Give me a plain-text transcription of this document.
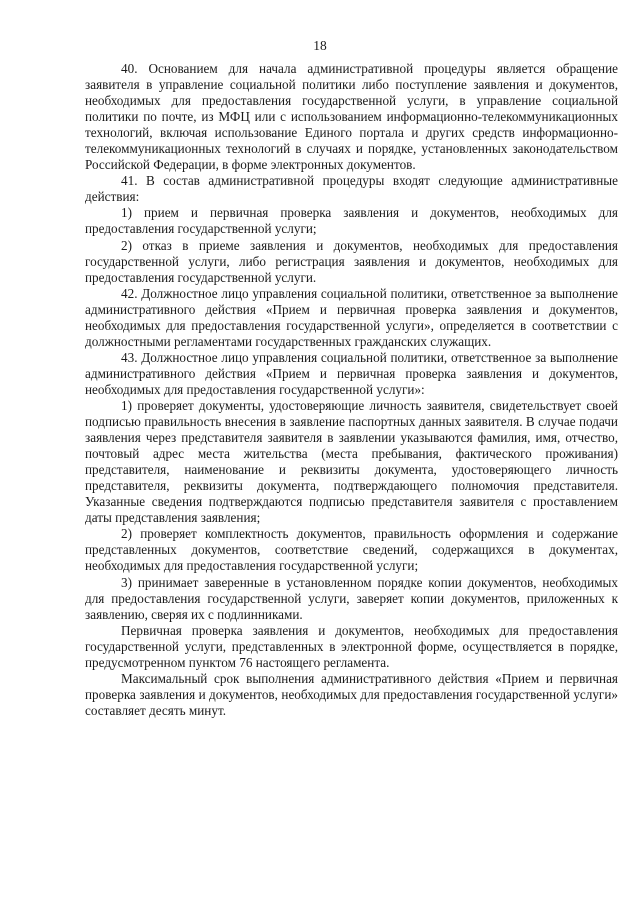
18

40. Основанием для начала административной процедуры является обращение заявителя в управление социальной политики либо поступление заявления и документов, необходимых для предоставления государственной услуги, в управление социальной политики по почте, из МФЦ или с использованием информационно-телекоммуникационных технологий, включая использование Единого портала и других средств информационно-телекоммуникационных технологий в случаях и порядке, установленных законодательством Российской Федерации, в форме электронных документов.

41. В состав административной процедуры входят следующие административные действия:

1) прием и первичная проверка заявления и документов, необходимых для предоставления государственной услуги;

2) отказ в приеме заявления и документов, необходимых для предоставления государственной услуги, либо регистрация заявления и документов, необходимых для предоставления государственной услуги.

42. Должностное лицо управления социальной политики, ответственное за выполнение административного действия «Прием и первичная проверка заявления и документов, необходимых для предоставления государственной услуги», определяется в соответствии с должностными регламентами государственных гражданских служащих.

43. Должностное лицо управления социальной политики, ответственное за выполнение административного действия «Прием и первичная проверка заявления и документов, необходимых для предоставления государственной услуги»:

1) проверяет документы, удостоверяющие личность заявителя, свидетельствует своей подписью правильность внесения в заявление паспортных данных заявителя. В случае подачи заявления через представителя заявителя в заявлении указываются фамилия, имя, отчество, почтовый адрес места жительства (места пребывания, фактического проживания) представителя, наименование и реквизиты документа, удостоверяющего личность представителя, реквизиты документа, подтверждающего полномочия представителя. Указанные сведения подтверждаются подписью представителя заявителя с проставлением даты представления заявления;

2) проверяет комплектность документов, правильность оформления и содержание представленных документов, соответствие сведений, содержащихся в документах, необходимых для предоставления государственной услуги;

3) принимает заверенные в установленном порядке копии документов, необходимых для предоставления государственной услуги, заверяет копии документов, приложенных к заявлению, сверяя их с подлинниками.

Первичная проверка заявления и документов, необходимых для предоставления государственной услуги, представленных в электронной форме, осуществляется в порядке, предусмотренном пунктом 76 настоящего регламента.

Максимальный срок выполнения административного действия «Прием и первичная проверка заявления и документов, необходимых для предоставления государственной услуги» составляет десять минут.
